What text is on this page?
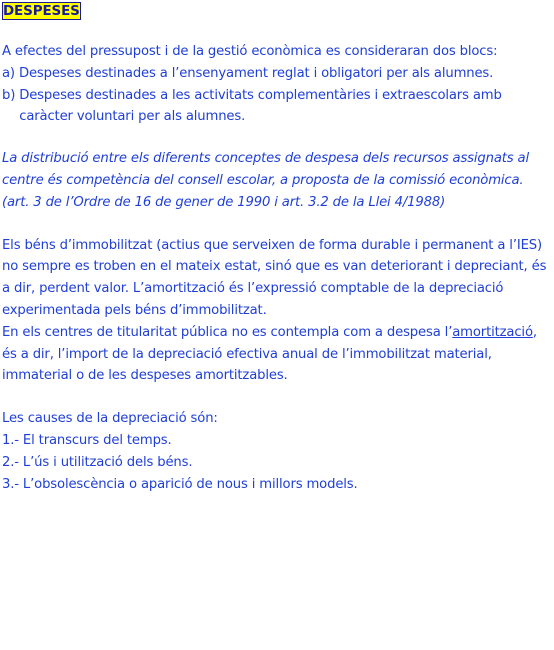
DESPESES

A efectes del pressupost i de la gestió econòmica es consideraran dos blocs:

a) Despeses destinades a l’ensenyament reglat i obligatori per als alumnes.
b) Despeses destinades a les activitats complementàries i extraescolars amb caràcter voluntari per als alumnes.

La distribució entre els diferents conceptes de despesa dels recursos assignats al centre és competència del consell escolar, a proposta de la comissió econòmica. (art. 3 de l’Ordre de 16 de gener de 1990 i art. 3.2 de la Llei 4/1988)

Els béns d’immobilitzat (actius que serveixen de forma durable i permanent a l’IES) no sempre es troben en el mateix estat, sinó que es van deteriorant i depreciant, és a dir, perdent valor. L’amortització és l’expressió comptable de la depreciació experimentada pels béns d’immobilitzat.

En els centres de titularitat pública no es contempla com a despesa l’amortització, és a dir, l’import de la depreciació efectiva anual de l’immobilitzat material, immaterial o de les despeses amortitzables.

Les causes de la depreciació són:

1.- El transcurs del temps.

2.- L’ús i utilització dels béns.

3.- L’obsolescència o aparició de nous i millors models.
